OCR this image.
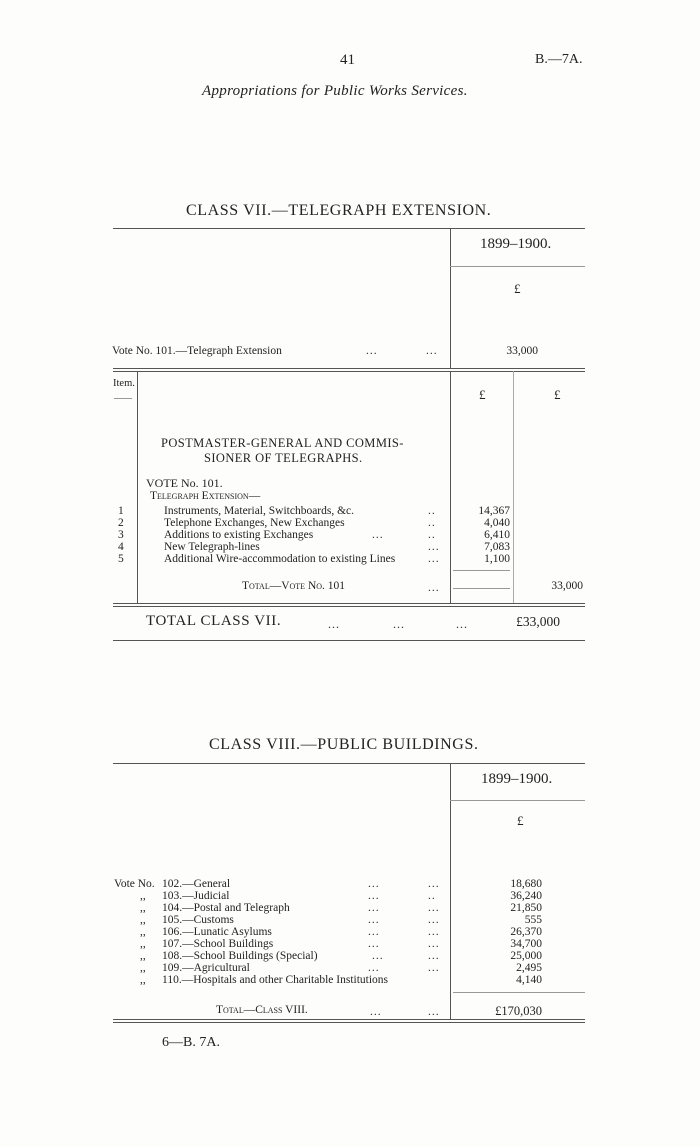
41	B.—7A.
Appropriations for Public Works Services.
CLASS VII.—TELEGRAPH EXTENSION.
1899–1900.
£
Vote No. 101.—Telegraph Extension	...	...	33,000
Item.
£	£
POSTMASTER-GENERAL AND COMMIS-
SIONER OF TELEGRAPHS.
VOTE No. 101.
Telegraph Extension—
1	Instruments, Material, Switchboards, &c.	..	14,367
2	Telephone Exchanges, New Exchanges	..	4,040
3	Additions to existing Exchanges	...	..	6,410
4	New Telegraph-lines	...	7,083
5	Additional Wire-accommodation to existing Lines	...	1,100
Total—Vote No. 101	...	33,000
TOTAL CLASS VII.	...	...	...	£33,000
CLASS VIII.—PUBLIC BUILDINGS.
1899–1900.
£
Vote No. 102.—General	...	...	18,680
,, 103.—Judicial	...	..	36,240
,, 104.—Postal and Telegraph	...	...	21,850
,, 105.—Customs	...	...	555
,, 106.—Lunatic Asylums	...	...	26,370
,, 107.—School Buildings	...	...	34,700
,, 108.—School Buildings (Special)	...	...	25,000
,, 109.—Agricultural	...	...	2,495
,, 110.—Hospitals and other Charitable Institutions	4,140
Total—Class VIII.	...	...	£170,030
6—B. 7A.
